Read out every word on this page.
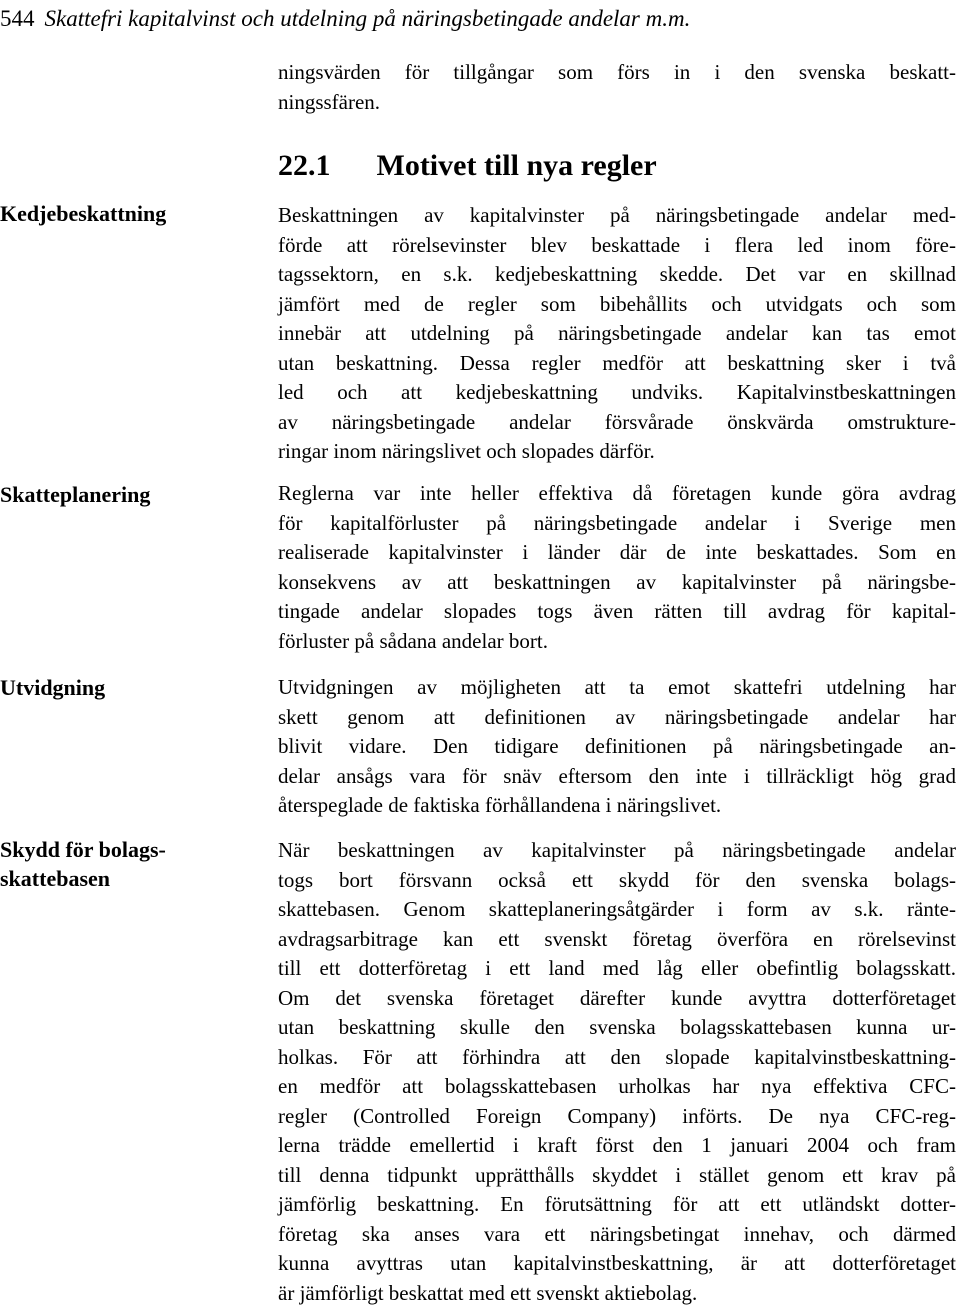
544 Skattefri kapitalvinst och utdelning på näringsbetingade andelar m.m.
ningsvärden för tillgångar som förs in i den svenska beskatt-
ningssfären.
22.1 Motivet till nya regler
Kedjebeskattning
Skatteplanering
Utvidgning
Skydd för bolags-
skattebasen
Beskattningen av kapitalvinster på näringsbetingade andelar med-
förde att rörelsevinster blev beskattade i flera led inom före-
tagssektorn, en s.k. kedjebeskattning skedde. Det var en skillnad
jämfört med de regler som bibehållits och utvidgats och som
innebär att utdelning på näringsbetingade andelar kan tas emot
utan beskattning. Dessa regler medför att beskattning sker i två
led och att kedjebeskattning undviks. Kapitalvinstbeskattningen
av näringsbetingade andelar försvårade önskvärda omstrukture-
ringar inom näringslivet och slopades därför.
Reglerna var inte heller effektiva då företagen kunde göra avdrag
för kapitalförluster på näringsbetingade andelar i Sverige men
realiserade kapitalvinster i länder där de inte beskattades. Som en
konsekvens av att beskattningen av kapitalvinster på näringsbe-
tingade andelar slopades togs även rätten till avdrag för kapital-
förluster på sådana andelar bort.
Utvidgningen av möjligheten att ta emot skattefri utdelning har
skett genom att definitionen av näringsbetingade andelar har
blivit vidare. Den tidigare definitionen på näringsbetingade an-
delar ansågs vara för snäv eftersom den inte i tillräckligt hög grad
återspeglade de faktiska förhållandena i näringslivet.
När beskattningen av kapitalvinster på näringsbetingade andelar
togs bort försvann också ett skydd för den svenska bolags-
skattebasen. Genom skatteplaneringsåtgärder i form av s.k. ränte-
avdragsarbitrage kan ett svenskt företag överföra en rörelsevinst
till ett dotterföretag i ett land med låg eller obefintlig bolagsskatt.
Om det svenska företaget därefter kunde avyttra dotterföretaget
utan beskattning skulle den svenska bolagsskattebasen kunna ur-
holkas. För att förhindra att den slopade kapitalvinstbeskattning-
en medför att bolagsskattebasen urholkas har nya effektiva CFC-
regler (Controlled Foreign Company) införts. De nya CFC-reg-
lerna trädde emellertid i kraft först den 1 januari 2004 och fram
till denna tidpunkt upprätthålls skyddet i stället genom ett krav på
jämförlig beskattning. En förutsättning för att ett utländskt dotter-
företag ska anses vara ett näringsbetingat innehav, och därmed
kunna avyttras utan kapitalvinstbeskattning, är att dotterföretaget
är jämförligt beskattat med ett svenskt aktiebolag.
